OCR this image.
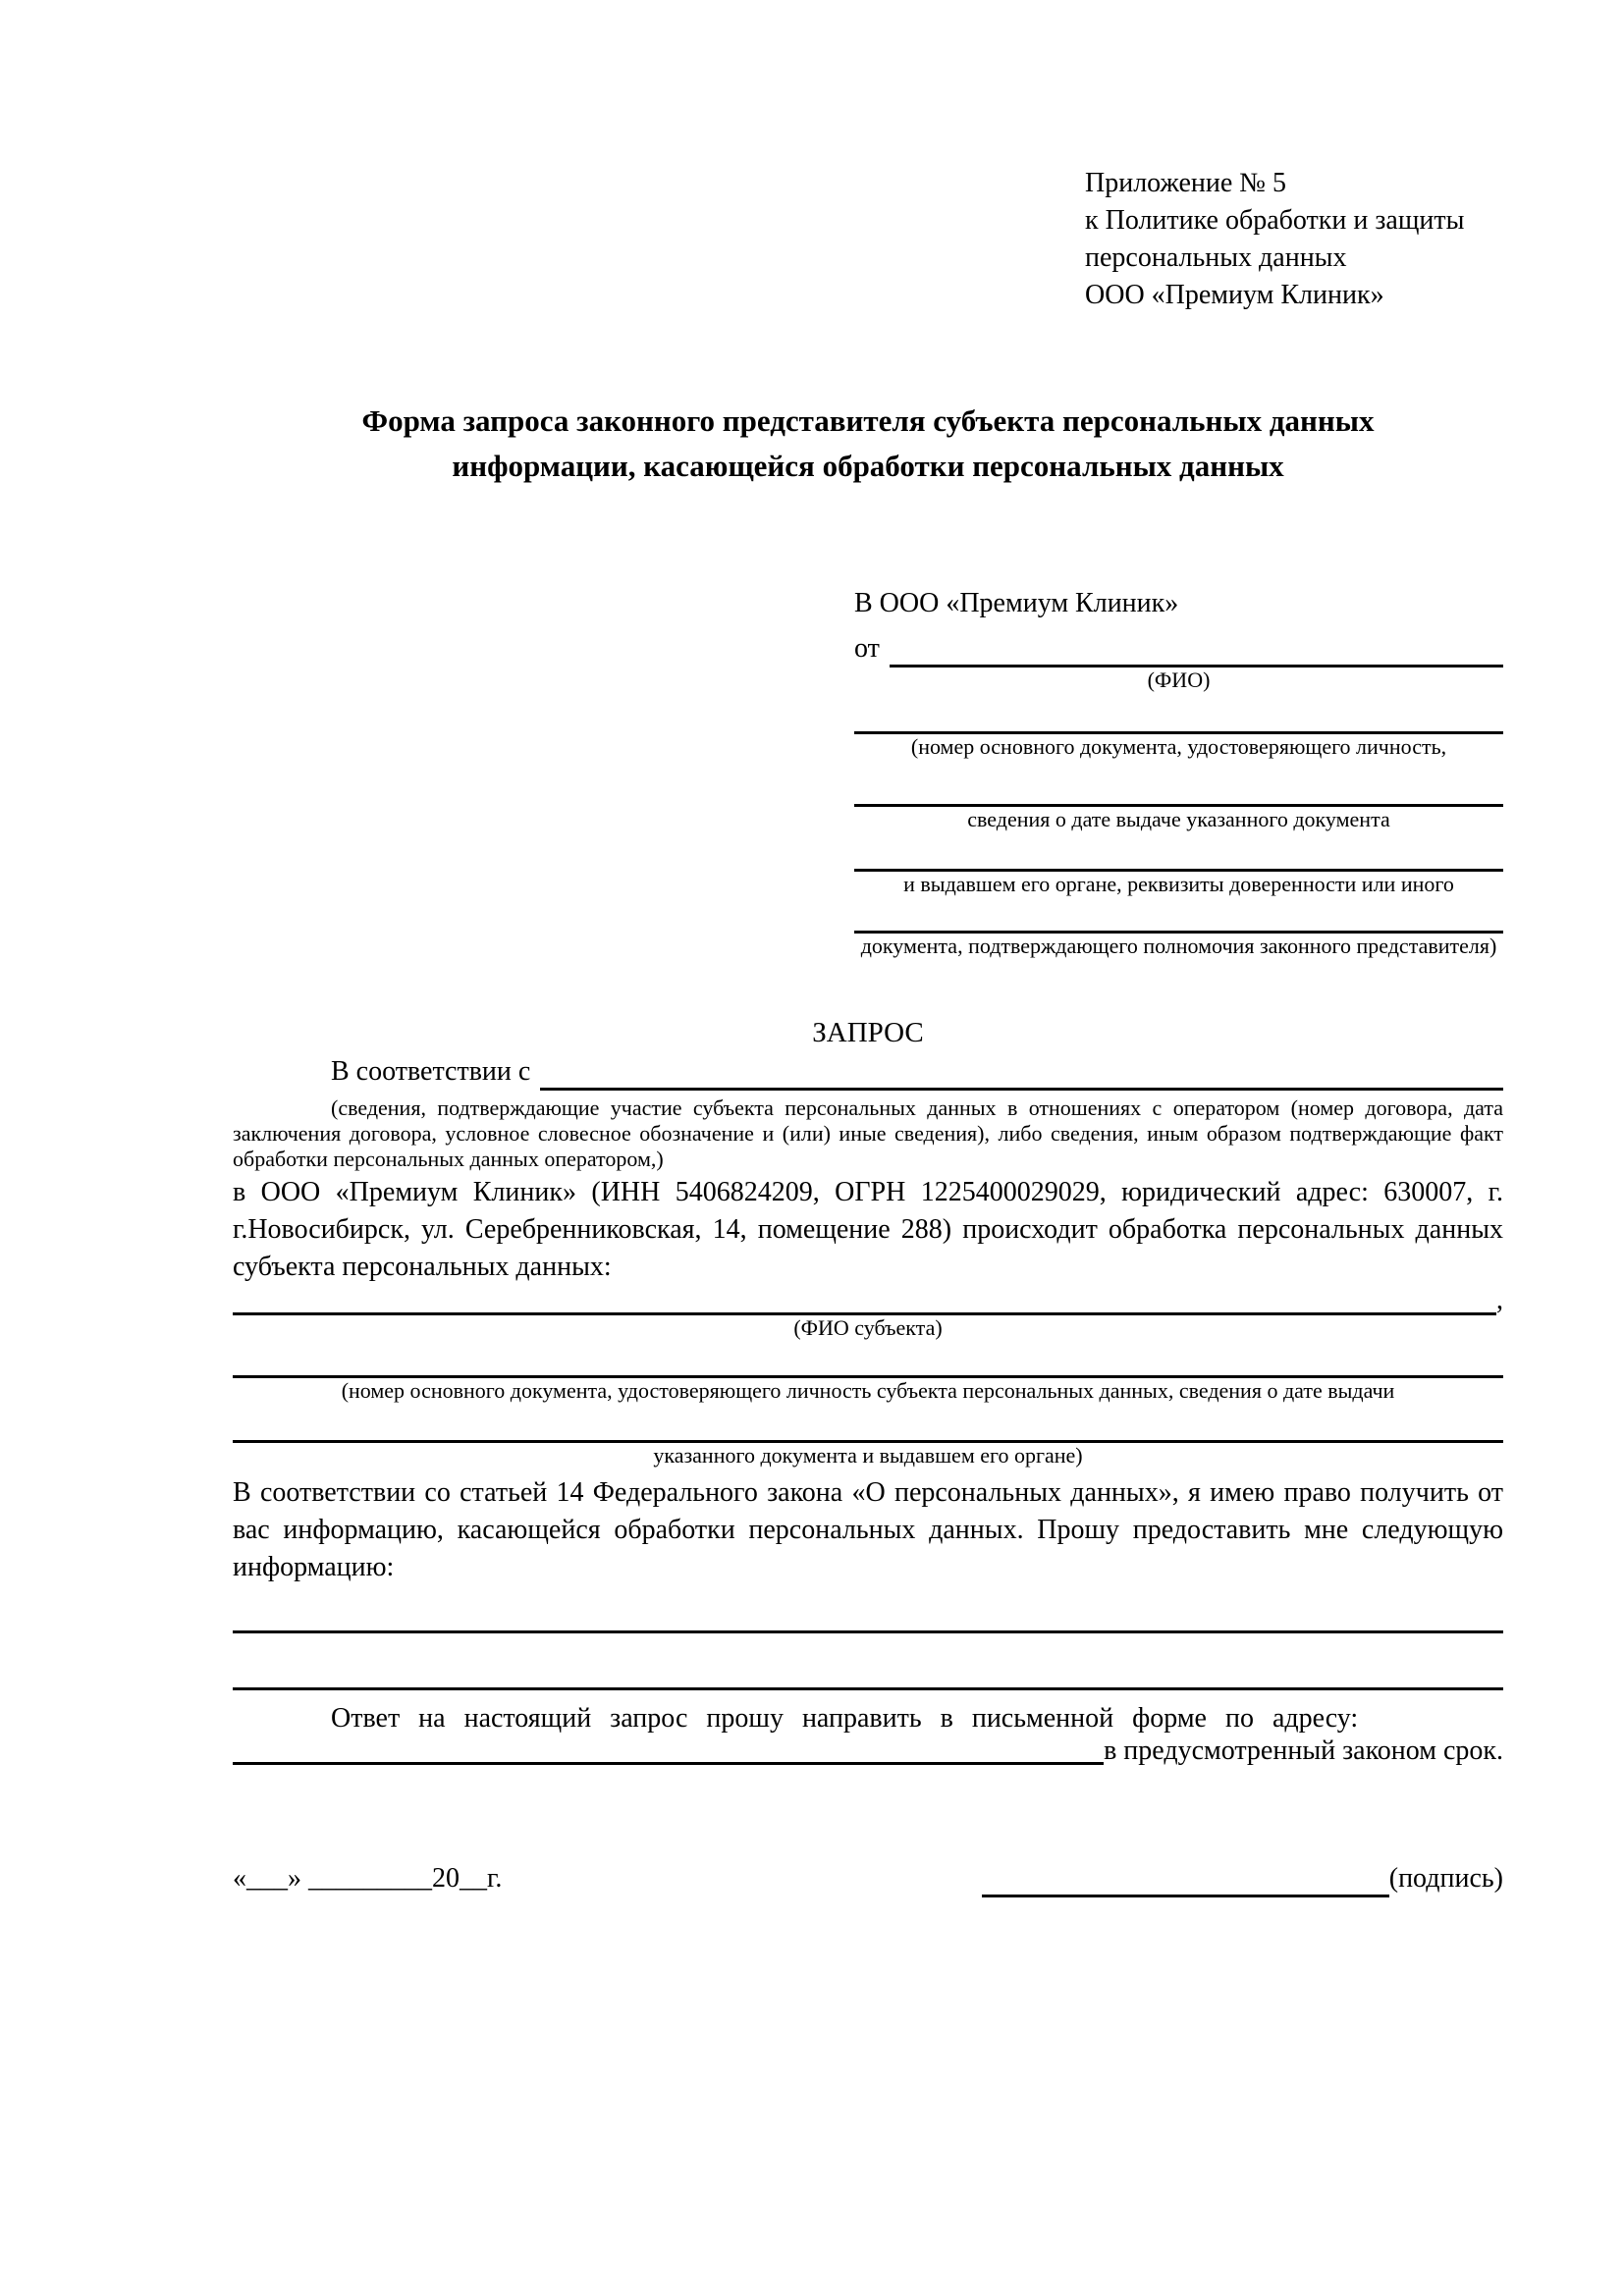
Приложение № 5
к Политике обработки и защиты
персональных данных
ООО «Премиум Клиник»
Форма запроса законного представителя субъекта персональных данных
информации, касающейся обработки персональных данных
В ООО «Премиум Клиник»
от
(ФИО)
(номер основного документа, удостоверяющего личность,
сведения о дате выдаче указанного документа
и выдавшем его органе, реквизиты доверенности или иного
документа, подтверждающего полномочия законного представителя)
ЗАПРОС
В соответствии с
(сведения, подтверждающие участие субъекта персональных данных в отношениях с оператором (номер договора, дата заключения договора, условное словесное обозначение и (или) иные сведения), либо сведения, иным образом подтверждающие факт обработки персональных данных оператором,)

в ООО «Премиум Клиник» (ИНН 5406824209, ОГРН 1225400029029, юридический адрес: 630007, г. г.Новосибирск, ул. Серебренниковская, 14, помещение 288) происходит обработка персональных данных субъекта персональных данных:

,
(ФИО субъекта)
(номер основного документа, удостоверяющего личность субъекта персональных данных, сведения о дате выдачи
указанного документа и выдавшем его органе)

В соответствии со статьей 14 Федерального закона «О персональных данных», я имею право получить от вас информацию, касающейся обработки персональных данных. Прошу предоставить мне следующую информацию:

Ответ на настоящий запрос прошу направить в письменной форме по адресу:

в предусмотренный законом срок.
«___» _________20__г.	(подпись)
